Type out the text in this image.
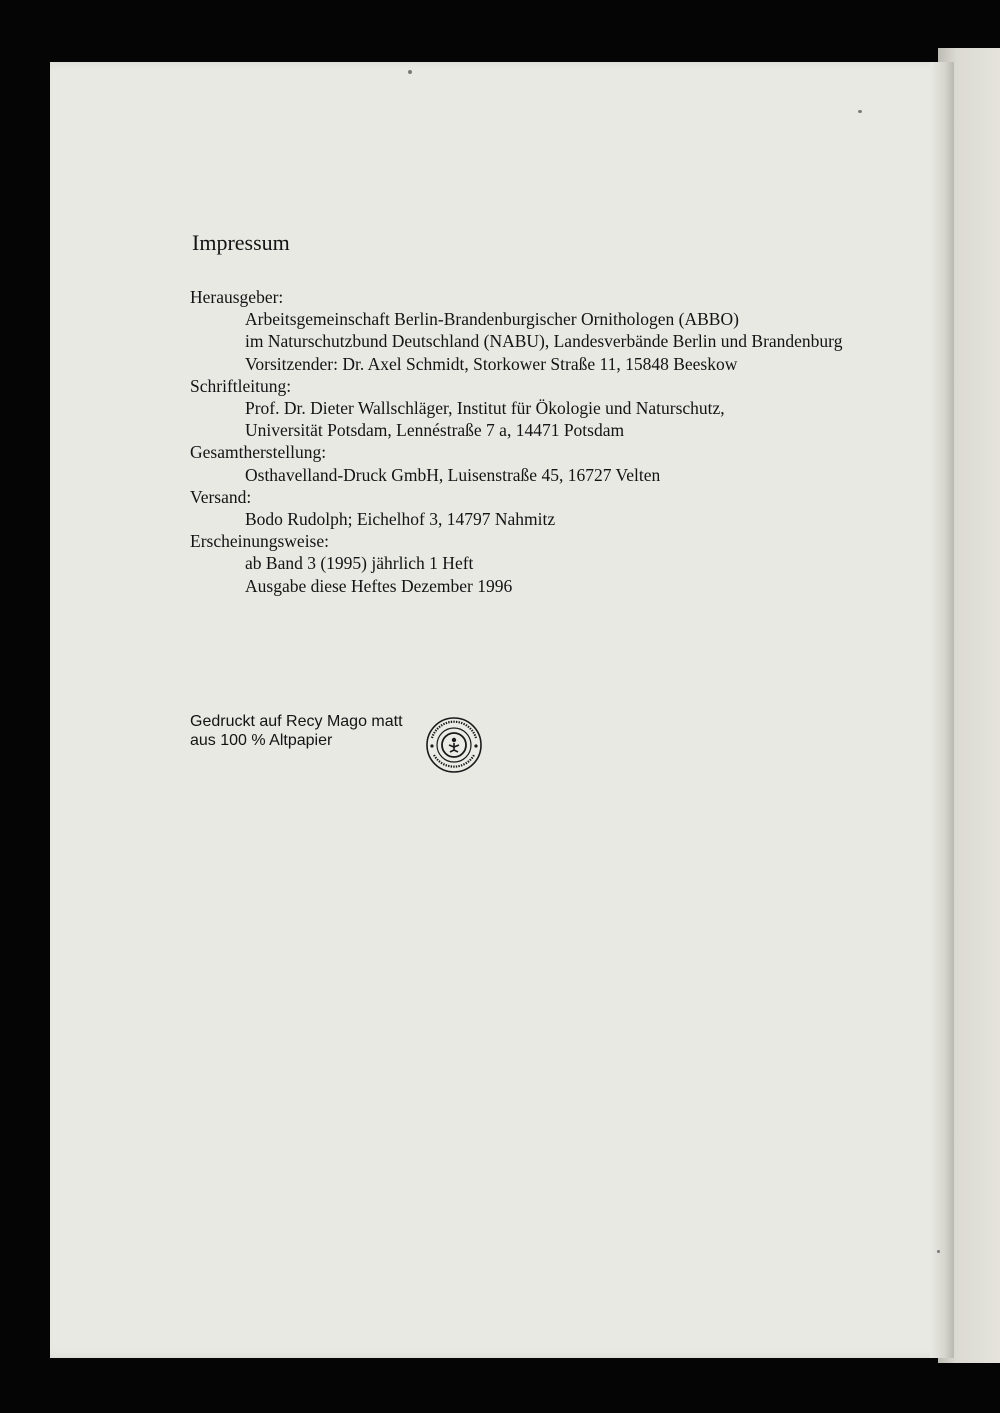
Impressum
Herausgeber:
Arbeitsgemeinschaft Berlin-Brandenburgischer Ornithologen (ABBO)
im Naturschutzbund Deutschland (NABU), Landesverbände Berlin und Brandenburg
Vorsitzender: Dr. Axel Schmidt, Storkower Straße 11, 15848 Beeskow
Schriftleitung:
Prof. Dr. Dieter Wallschläger, Institut für Ökologie und Naturschutz,
Universität Potsdam, Lennéstraße 7 a, 14471 Potsdam
Gesamtherstellung:
Osthavelland-Druck GmbH, Luisenstraße 45, 16727 Velten
Versand:
Bodo Rudolph; Eichelhof 3, 14797 Nahmitz
Erscheinungsweise:
ab Band 3 (1995) jährlich 1 Heft
Ausgabe diese Heftes Dezember 1996
Gedruckt auf Recy Mago matt
aus 100 % Altpapier
